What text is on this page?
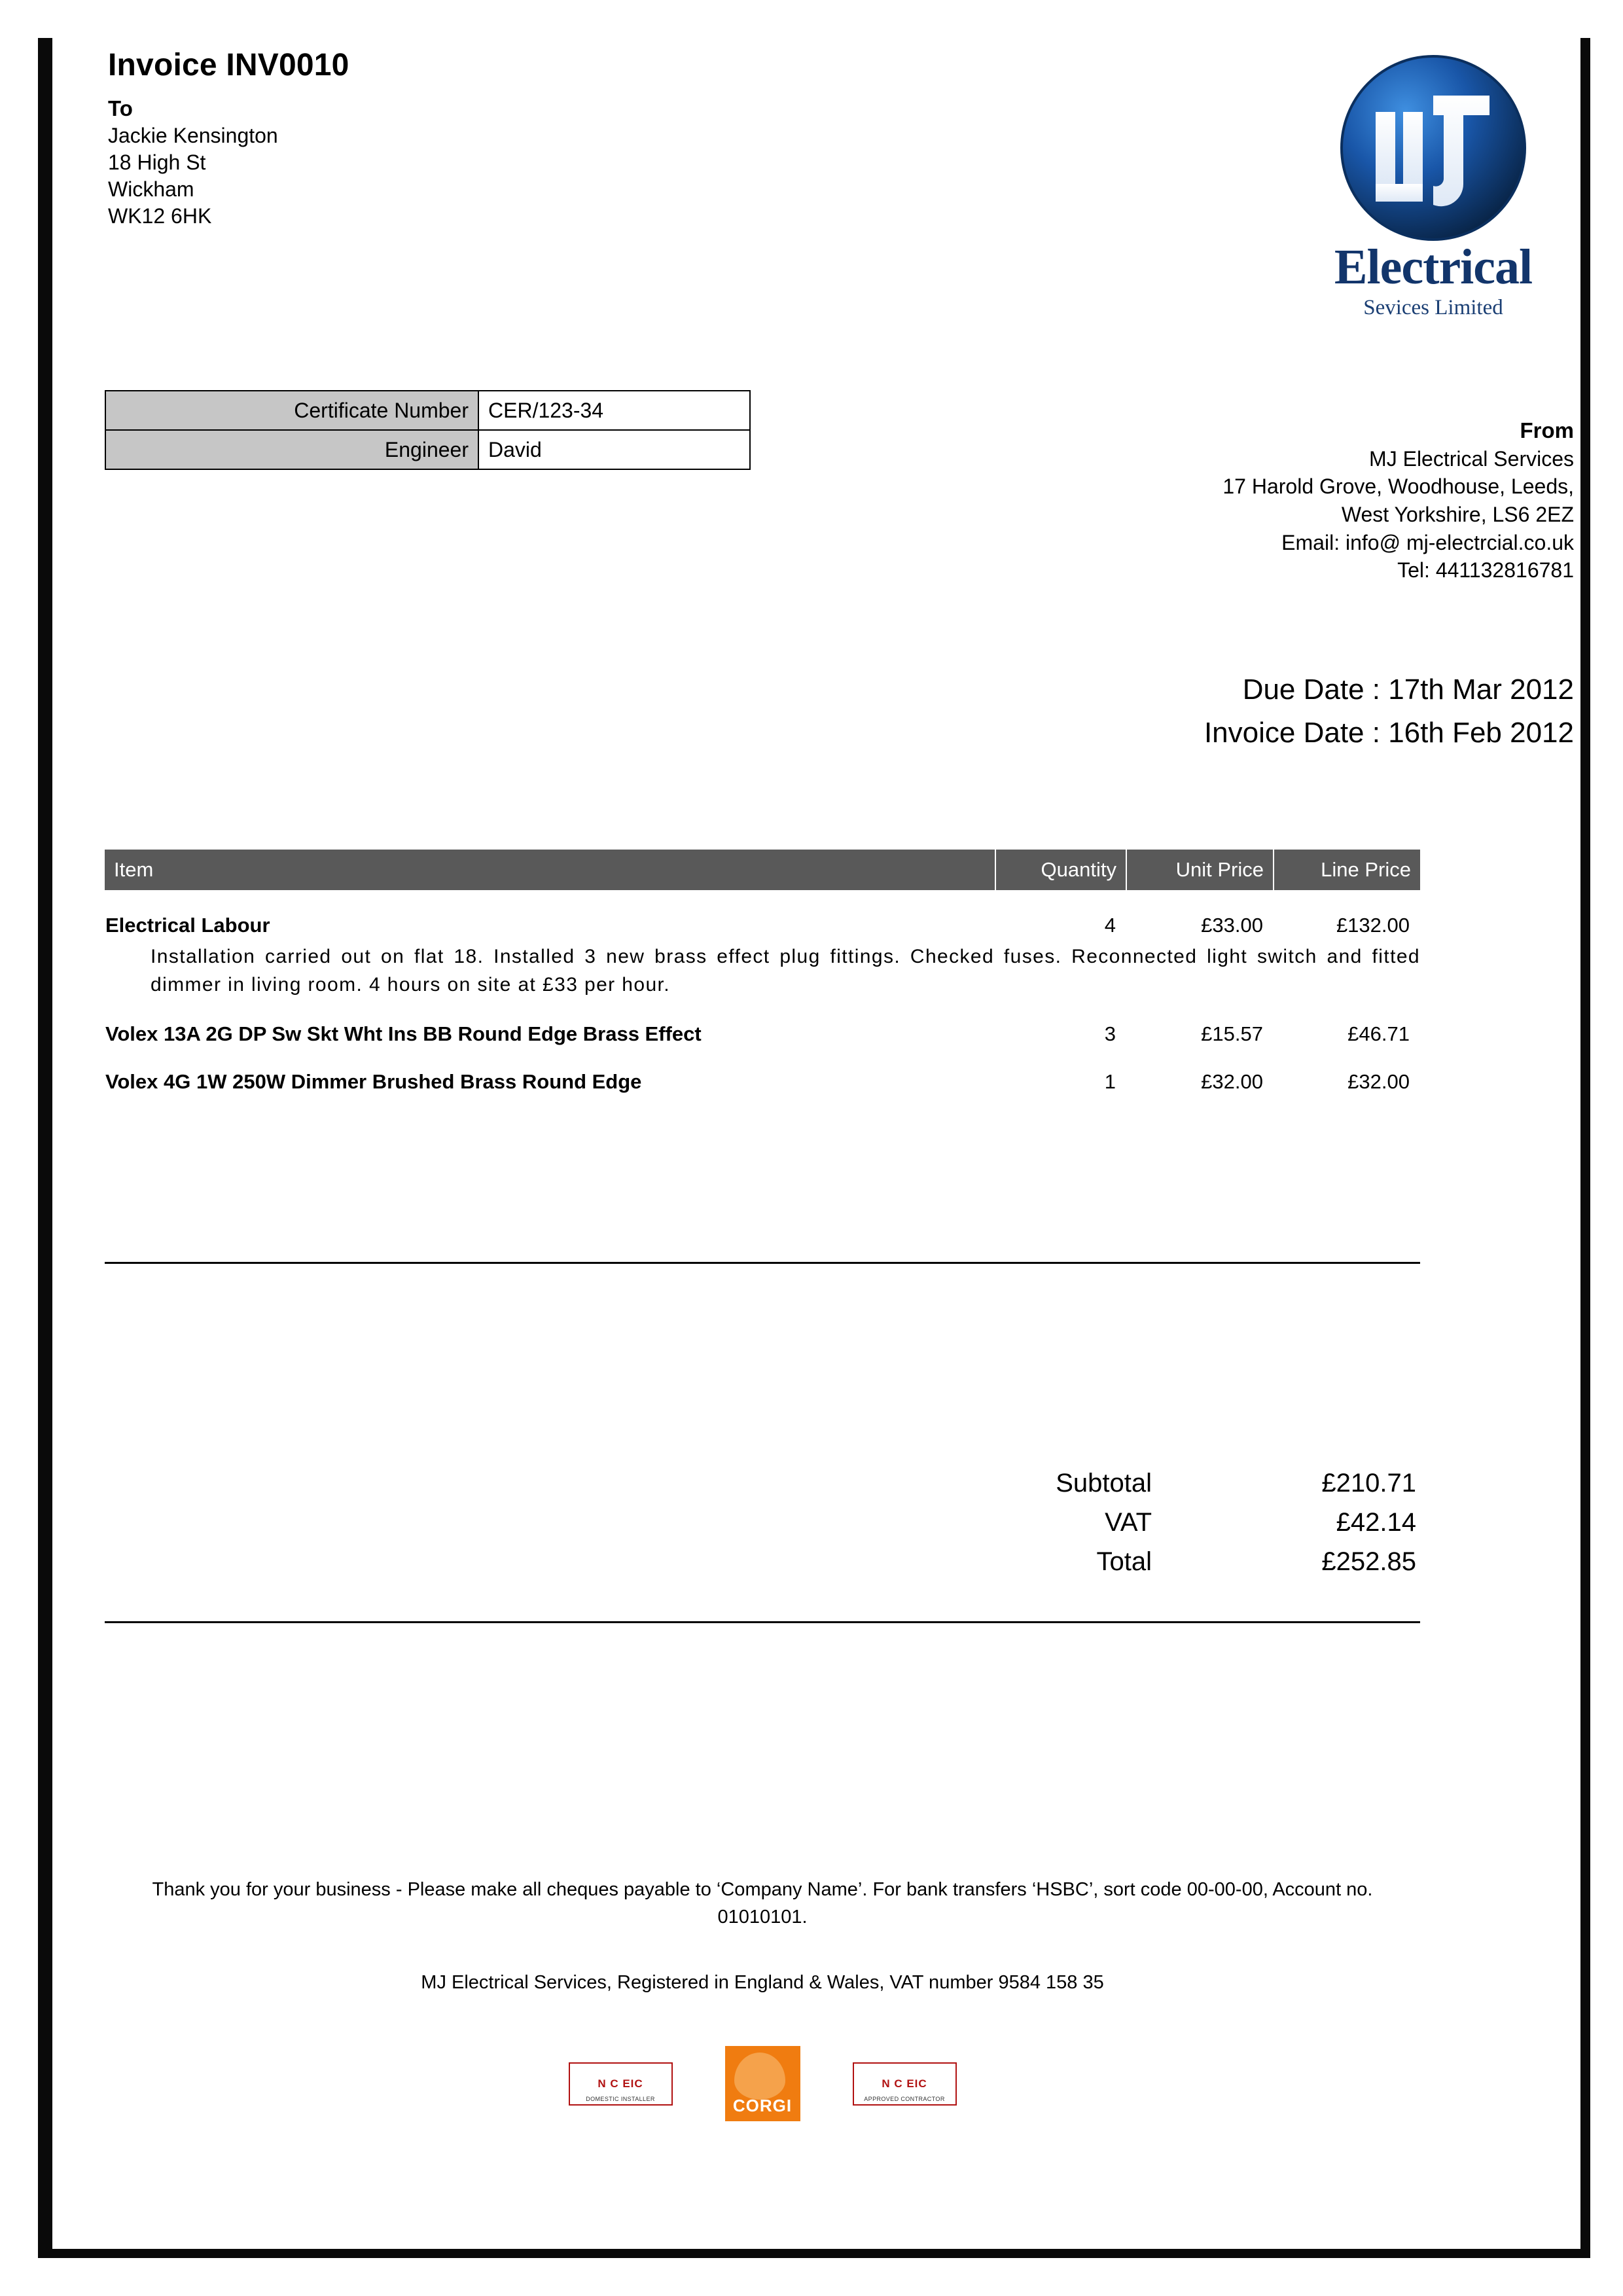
Invoice INV0010
To
Jackie Kensington
18 High St
Wickham
WK12 6HK
Electrical
Sevices Limited
Certificate Number	CER/123-34
Engineer	David
From
MJ Electrical Services
17 Harold Grove, Woodhouse, Leeds,
West Yorkshire, LS6 2EZ
Email: info@ mj-electrcial.co.uk
Tel: 441132816781
Due Date : 17th Mar 2012
Invoice Date : 16th Feb 2012
Item	Quantity	Unit Price	Line Price
Electrical Labour	4	£33.00	£132.00
Installation carried out on flat 18. Installed 3 new brass effect plug fittings. Checked fuses. Reconnected light switch and fitted dimmer in living room. 4 hours on site at £33 per hour.			
Volex 13A 2G DP Sw Skt Wht Ins BB Round Edge Brass Effect	3	£15.57	£46.71
Volex 4G 1W 250W Dimmer Brushed Brass Round Edge	1	£32.00	£32.00
Subtotal	£210.71
VAT	£42.14
Total	£252.85
Thank you for your business - Please make all cheques payable to ‘Company Name’. For bank transfers ‘HSBC’, sort code 00-00-00, Account no. 01010101.
MJ Electrical Services, Registered in England & Wales, VAT number 9584 158 35
N C EIC
DOMESTIC INSTALLER	CORGI
N C EIC
APPROVED CONTRACTOR
